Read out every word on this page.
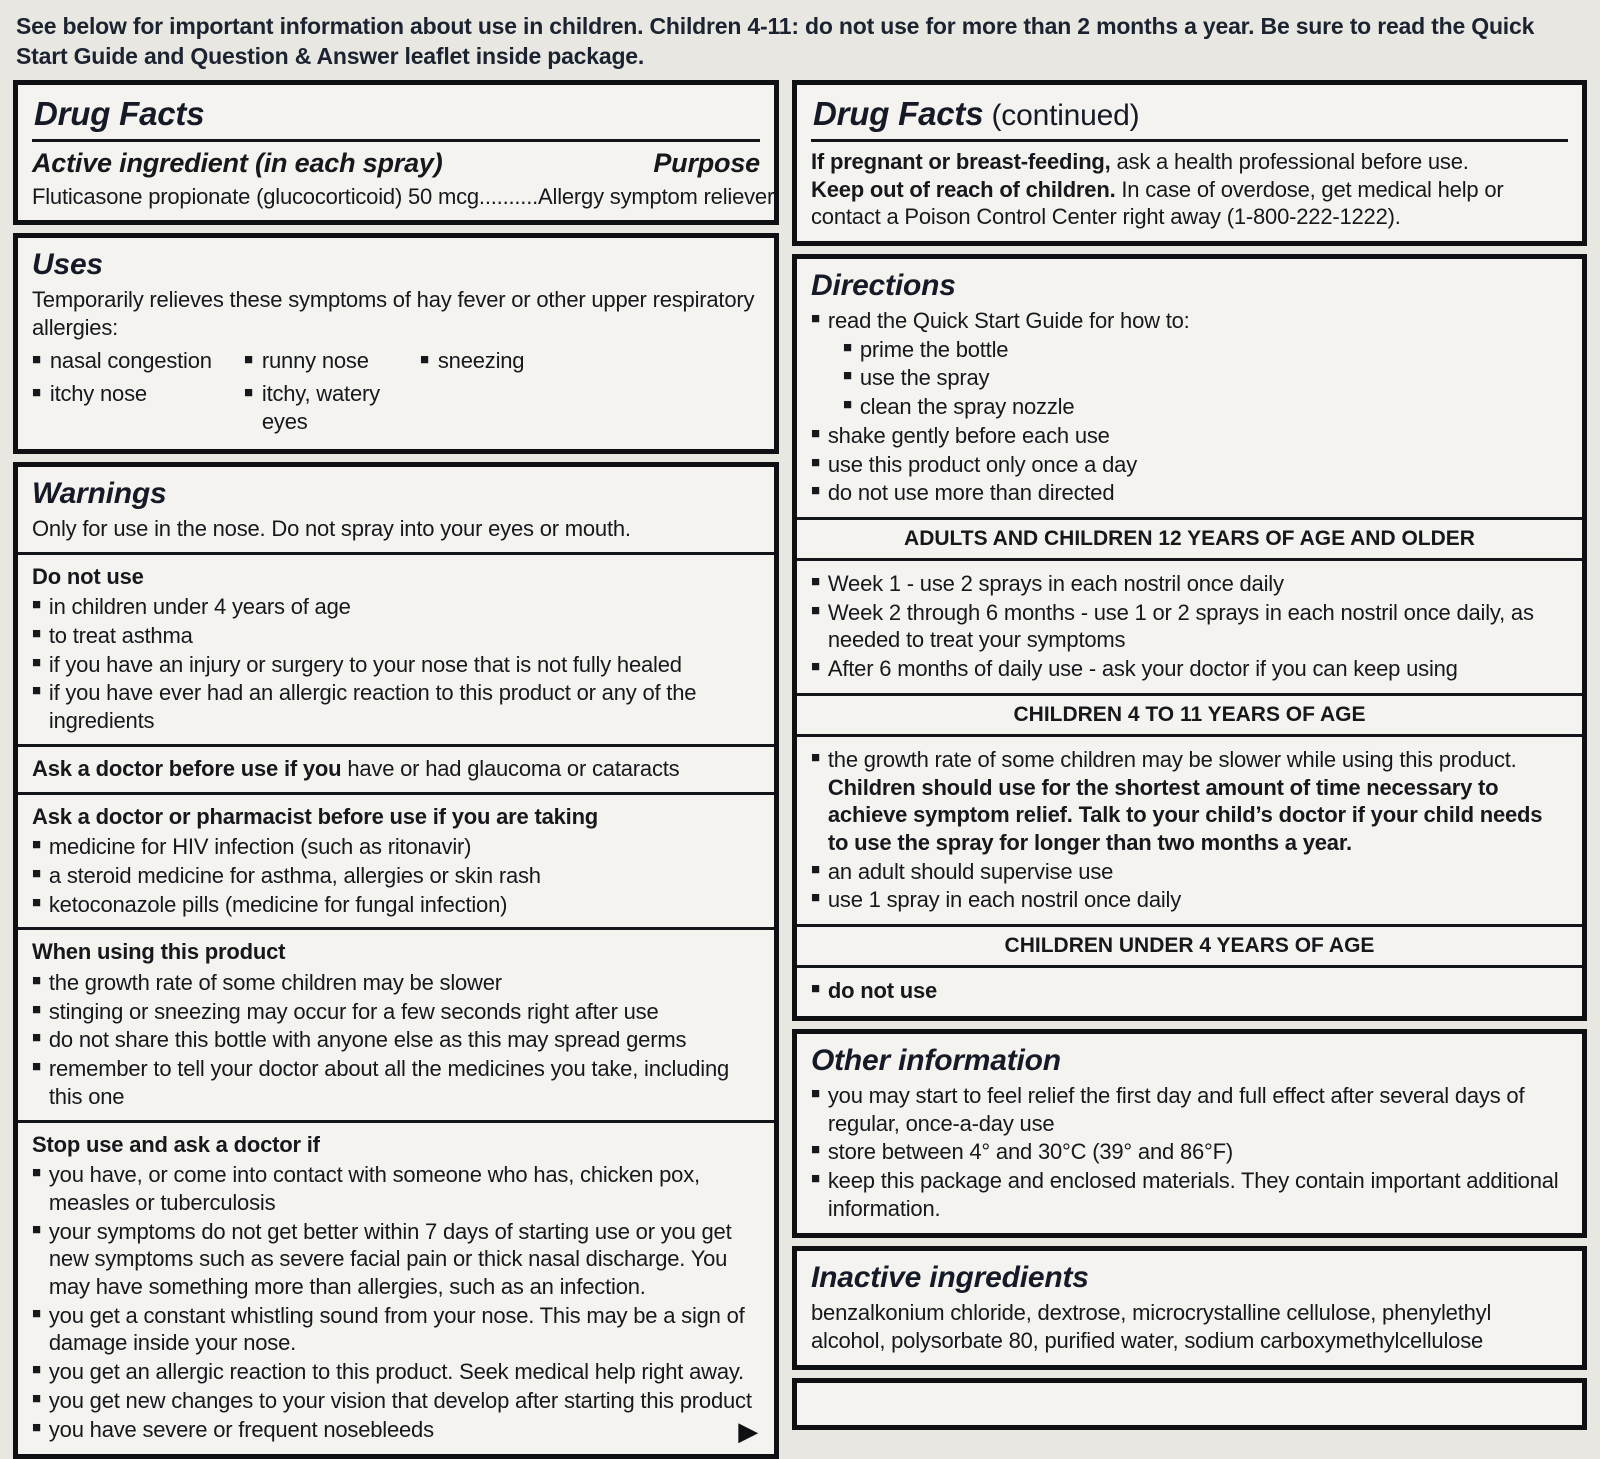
See below for important information about use in children. Children 4-11: do not use for more than 2 months a year. Be sure to read the Quick Start Guide and Question & Answer leaflet inside package.
Drug Facts
Active ingredient (in each spray)	Purpose
Fluticasone propionate (glucocorticoid) 50 mcg..........Allergy symptom reliever
Uses
Temporarily relieves these symptoms of hay fever or other upper respiratory allergies:
■ nasal congestion	■ runny nose	■ sneezing
■ itchy nose	■ itchy, watery eyes
Warnings
Only for use in the nose. Do not spray into your eyes or mouth.
Do not use
■ in children under 4 years of age
■ to treat asthma
■ if you have an injury or surgery to your nose that is not fully healed
■ if you have ever had an allergic reaction to this product or any of the ingredients
Ask a doctor before use if you have or had glaucoma or cataracts
Ask a doctor or pharmacist before use if you are taking
■ medicine for HIV infection (such as ritonavir)
■ a steroid medicine for asthma, allergies or skin rash
■ ketoconazole pills (medicine for fungal infection)
When using this product
■ the growth rate of some children may be slower
■ stinging or sneezing may occur for a few seconds right after use
■ do not share this bottle with anyone else as this may spread germs
■ remember to tell your doctor about all the medicines you take, including this one
Stop use and ask a doctor if
■ you have, or come into contact with someone who has, chicken pox, measles or tuberculosis
■ your symptoms do not get better within 7 days of starting use or you get new symptoms such as severe facial pain or thick nasal discharge. You may have something more than allergies, such as an infection.
■ you get a constant whistling sound from your nose. This may be a sign of damage inside your nose.
■ you get an allergic reaction to this product. Seek medical help right away.
■ you get new changes to your vision that develop after starting this product
■ you have severe or frequent nosebleeds	▶
Drug Facts (continued)
If pregnant or breast-feeding, ask a health professional before use.
Keep out of reach of children. In case of overdose, get medical help or contact a Poison Control Center right away (1-800-222-1222).
Directions
■ read the Quick Start Guide for how to:
■ prime the bottle
■ use the spray
■ clean the spray nozzle
■ shake gently before each use
■ use this product only once a day
■ do not use more than directed
ADULTS AND CHILDREN 12 YEARS OF AGE AND OLDER
■ Week 1 - use 2 sprays in each nostril once daily
■ Week 2 through 6 months - use 1 or 2 sprays in each nostril once daily, as needed to treat your symptoms
■ After 6 months of daily use - ask your doctor if you can keep using
CHILDREN 4 TO 11 YEARS OF AGE
■ the growth rate of some children may be slower while using this product. Children should use for the shortest amount of time necessary to achieve symptom relief. Talk to your child’s doctor if your child needs to use the spray for longer than two months a year.
■ an adult should supervise use
■ use 1 spray in each nostril once daily
CHILDREN UNDER 4 YEARS OF AGE
■ do not use
Other information
■ you may start to feel relief the first day and full effect after several days of regular, once-a-day use
■ store between 4° and 30°C (39° and 86°F)
■ keep this package and enclosed materials. They contain important additional information.
Inactive ingredients
benzalkonium chloride, dextrose, microcrystalline cellulose, phenylethyl alcohol, polysorbate 80, purified water, sodium carboxymethylcellulose
